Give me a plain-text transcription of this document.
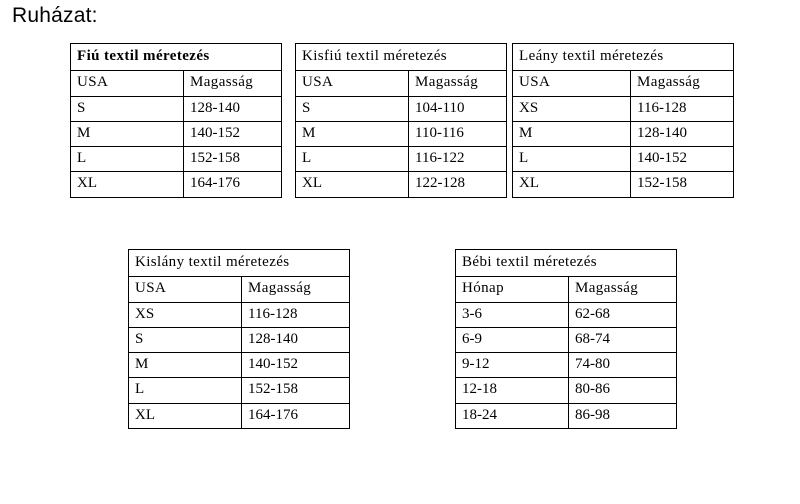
Ruházat:
Fiú textil méretezés	
USA	Magasság
S	128-140
M	140-152
L	152-158
XL	164-176
Kisfiú textil méretezés	
USA	Magasság
S	104-110
M	110-116
L	116-122
XL	122-128
Leány textil méretezés	
USA	Magasság
XS	116-128
M	128-140
L	140-152
XL	152-158
Kislány textil méretezés	
USA	Magasság
XS	116-128
S	128-140
M	140-152
L	152-158
XL	164-176
Bébi textil méretezés	
Hónap	Magasság
3-6	62-68
6-9	68-74
9-12	74-80
12-18	80-86
18-24	86-98
